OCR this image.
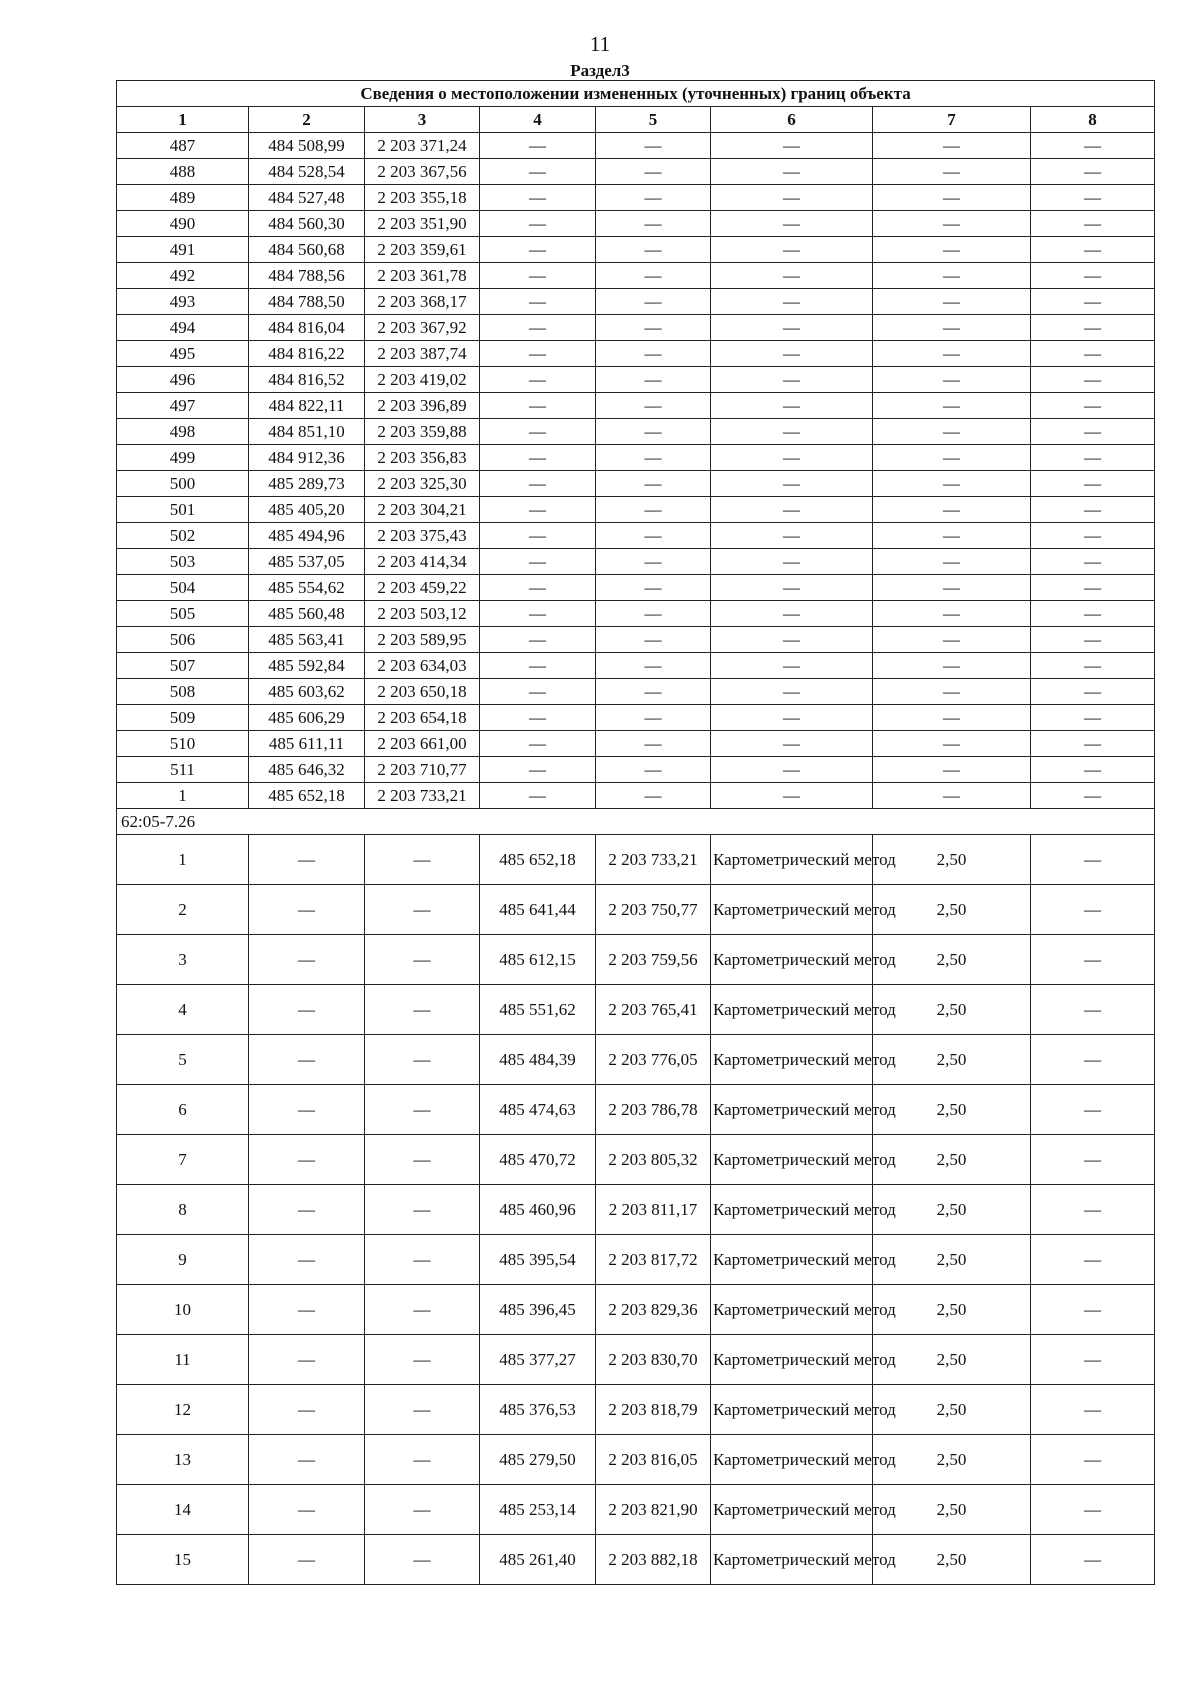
11
Раздел3
Сведения о местоположении измененных (уточненных) границ объекта							
1	2	3	4	5	6	7	8
487	484 508,99	2 203 371,24	—	—	—	—	—
488	484 528,54	2 203 367,56	—	—	—	—	—
489	484 527,48	2 203 355,18	—	—	—	—	—
490	484 560,30	2 203 351,90	—	—	—	—	—
491	484 560,68	2 203 359,61	—	—	—	—	—
492	484 788,56	2 203 361,78	—	—	—	—	—
493	484 788,50	2 203 368,17	—	—	—	—	—
494	484 816,04	2 203 367,92	—	—	—	—	—
495	484 816,22	2 203 387,74	—	—	—	—	—
496	484 816,52	2 203 419,02	—	—	—	—	—
497	484 822,11	2 203 396,89	—	—	—	—	—
498	484 851,10	2 203 359,88	—	—	—	—	—
499	484 912,36	2 203 356,83	—	—	—	—	—
500	485 289,73	2 203 325,30	—	—	—	—	—
501	485 405,20	2 203 304,21	—	—	—	—	—
502	485 494,96	2 203 375,43	—	—	—	—	—
503	485 537,05	2 203 414,34	—	—	—	—	—
504	485 554,62	2 203 459,22	—	—	—	—	—
505	485 560,48	2 203 503,12	—	—	—	—	—
506	485 563,41	2 203 589,95	—	—	—	—	—
507	485 592,84	2 203 634,03	—	—	—	—	—
508	485 603,62	2 203 650,18	—	—	—	—	—
509	485 606,29	2 203 654,18	—	—	—	—	—
510	485 611,11	2 203 661,00	—	—	—	—	—
511	485 646,32	2 203 710,77	—	—	—	—	—
1	485 652,18	2 203 733,21	—	—	—	—	—
62:05-7.26							
1	—	—	485 652,18	2 203 733,21	Картометрический метод	2,50	—
2	—	—	485 641,44	2 203 750,77	Картометрический метод	2,50	—
3	—	—	485 612,15	2 203 759,56	Картометрический метод	2,50	—
4	—	—	485 551,62	2 203 765,41	Картометрический метод	2,50	—
5	—	—	485 484,39	2 203 776,05	Картометрический метод	2,50	—
6	—	—	485 474,63	2 203 786,78	Картометрический метод	2,50	—
7	—	—	485 470,72	2 203 805,32	Картометрический метод	2,50	—
8	—	—	485 460,96	2 203 811,17	Картометрический метод	2,50	—
9	—	—	485 395,54	2 203 817,72	Картометрический метод	2,50	—
10	—	—	485 396,45	2 203 829,36	Картометрический метод	2,50	—
11	—	—	485 377,27	2 203 830,70	Картометрический метод	2,50	—
12	—	—	485 376,53	2 203 818,79	Картометрический метод	2,50	—
13	—	—	485 279,50	2 203 816,05	Картометрический метод	2,50	—
14	—	—	485 253,14	2 203 821,90	Картометрический метод	2,50	—
15	—	—	485 261,40	2 203 882,18	Картометрический метод	2,50	—
